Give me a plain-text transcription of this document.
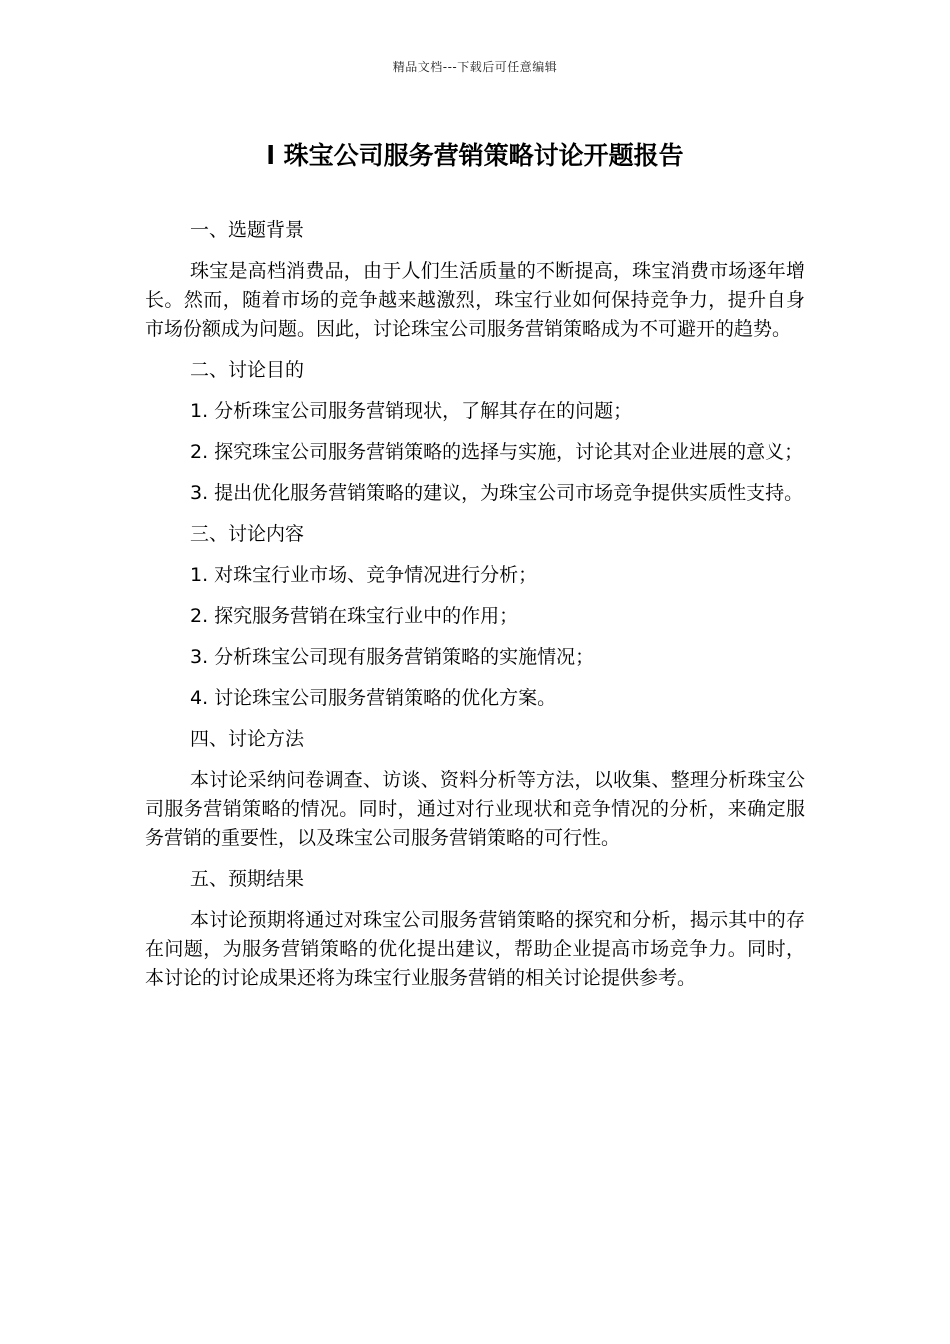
精品文档---下载后可任意编辑
l 珠宝公司服务营销策略讨论开题报告

一、选题背景

珠宝是高档消费品，由于人们生活质量的不断提高，珠宝消费市场逐年增长。然而，随着市场的竞争越来越激烈，珠宝行业如何保持竞争力，提升自身市场份额成为问题。因此，讨论珠宝公司服务营销策略成为不可避开的趋势。

二、讨论目的

1. 分析珠宝公司服务营销现状，了解其存在的问题；

2. 探究珠宝公司服务营销策略的选择与实施，讨论其对企业进展的意义；

3. 提出优化服务营销策略的建议，为珠宝公司市场竞争提供实质性支持。

三、讨论内容

1. 对珠宝行业市场、竞争情况进行分析；

2. 探究服务营销在珠宝行业中的作用；

3. 分析珠宝公司现有服务营销策略的实施情况；

4. 讨论珠宝公司服务营销策略的优化方案。

四、讨论方法

本讨论采纳问卷调查、访谈、资料分析等方法，以收集、整理分析珠宝公司服务营销策略的情况。同时，通过对行业现状和竞争情况的分析，来确定服务营销的重要性，以及珠宝公司服务营销策略的可行性。

五、预期结果

本讨论预期将通过对珠宝公司服务营销策略的探究和分析，揭示其中的存在问题，为服务营销策略的优化提出建议，帮助企业提高市场竞争力。同时，本讨论的讨论成果还将为珠宝行业服务营销的相关讨论提供参考。
